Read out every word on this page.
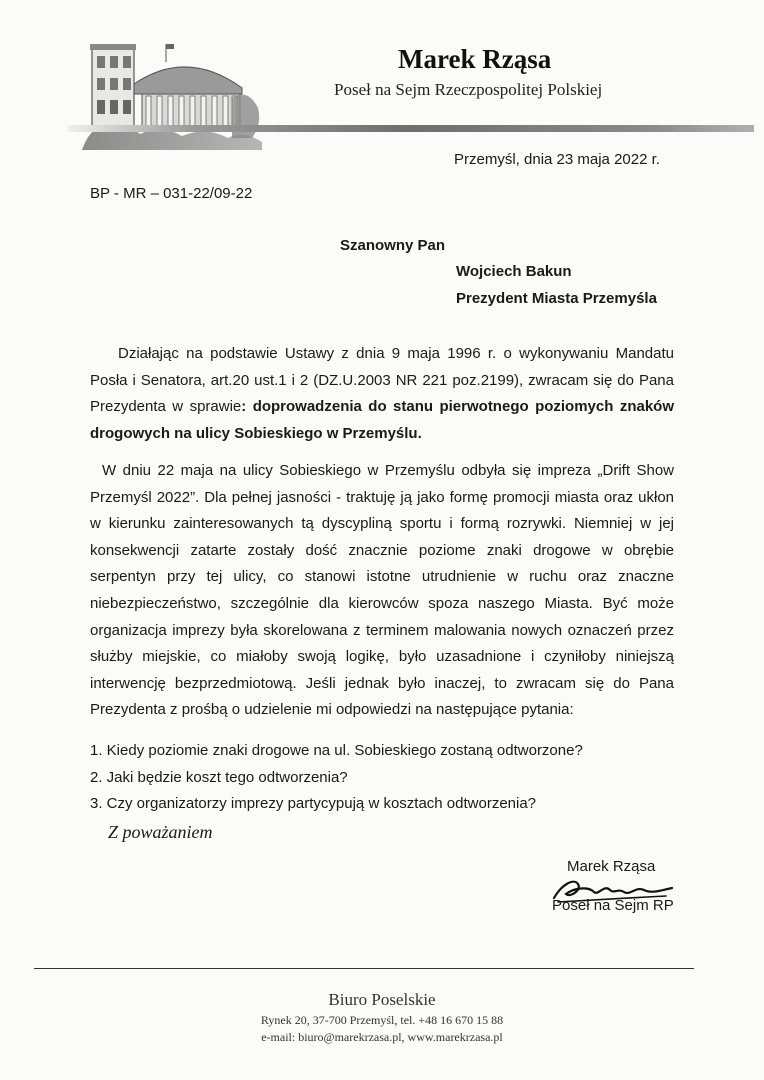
Marek Rząsa
Poseł na Sejm Rzeczpospolitej Polskiej
Przemyśl, dnia 23 maja 2022 r.
BP - MR – 031-22/09-22
Szanowny Pan
Wojciech Bakun
Prezydent Miasta Przemyśla
Działając na podstawie Ustawy z dnia 9 maja 1996 r. o wykonywaniu Mandatu Posła i Senatora, art.20 ust.1 i 2 (DZ.U.2003 NR 221 poz.2199), zwracam się do Pana Prezydenta w sprawie: doprowadzenia do stanu pierwotnego poziomych znaków drogowych na ulicy Sobieskiego w Przemyślu.
W dniu 22 maja na ulicy Sobieskiego w Przemyślu odbyła się impreza „Drift Show Przemyśl 2022”. Dla pełnej jasności - traktuję ją jako formę promocji miasta oraz ukłon w kierunku zainteresowanych tą dyscypliną sportu i formą rozrywki. Niemniej w jej konsekwencji zatarte zostały dość znacznie poziome znaki drogowe w obrębie serpentyn przy tej ulicy, co stanowi istotne utrudnienie w ruchu oraz znaczne niebezpieczeństwo, szczególnie dla kierowców spoza naszego Miasta. Być może organizacja imprezy była skorelowana z terminem malowania nowych oznaczeń przez służby miejskie, co miałoby swoją logikę, było uzasadnione i czyniłoby niniejszą interwencję bezprzedmiotową. Jeśli jednak było inaczej, to zwracam się do Pana Prezydenta z prośbą o udzielenie mi odpowiedzi na następujące pytania:
1. Kiedy poziomie znaki drogowe na ul. Sobieskiego zostaną odtworzone?
2. Jaki będzie koszt tego odtworzenia?
3. Czy organizatorzy imprezy partycypują w kosztach odtworzenia?
Z poważaniem
Marek Rząsa
Poseł na Sejm RP
Biuro Poselskie
Rynek 20, 37-700 Przemyśl, tel. +48 16 670 15 88
e-mail: biuro@marekrzasa.pl, www.marekrzasa.pl
